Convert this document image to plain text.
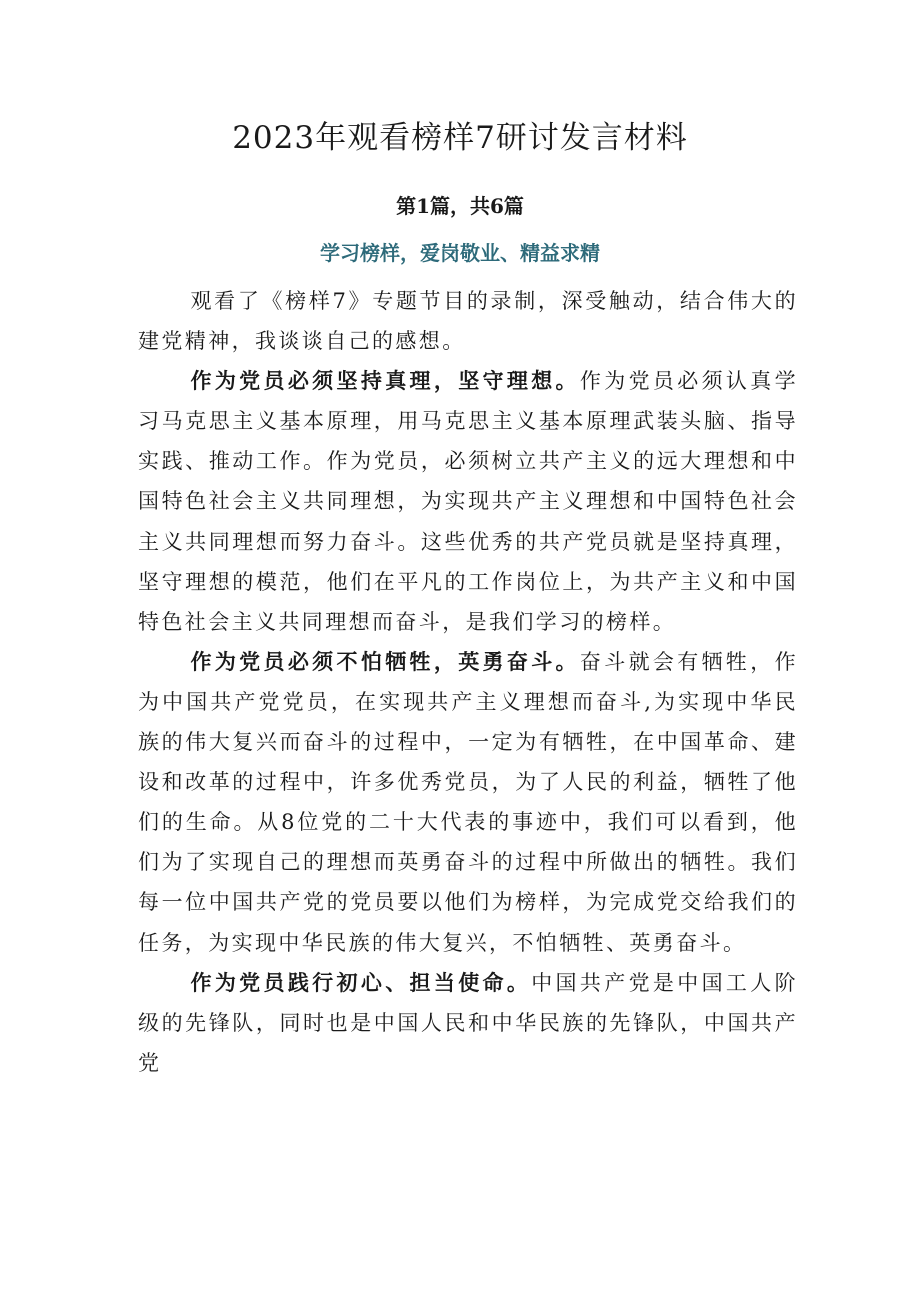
2023年观看榜样7研讨发言材料
第1篇，共6篇
学习榜样，爱岗敬业、精益求精

观看了《榜样7》专题节目的录制，深受触动，结合伟大的建党精神，我谈谈自己的感想。

作为党员必须坚持真理，坚守理想。作为党员必须认真学习马克思主义基本原理，用马克思主义基本原理武装头脑、指导实践、推动工作。作为党员，必须树立共产主义的远大理想和中国特色社会主义共同理想，为实现共产主义理想和中国特色社会主义共同理想而努力奋斗。这些优秀的共产党员就是坚持真理，坚守理想的模范，他们在平凡的工作岗位上，为共产主义和中国特色社会主义共同理想而奋斗，是我们学习的榜样。

作为党员必须不怕牺牲，英勇奋斗。奋斗就会有牺牲，作为中国共产党党员，在实现共产主义理想而奋斗,为实现中华民族的伟大复兴而奋斗的过程中，一定为有牺牲，在中国革命、建设和改革的过程中，许多优秀党员，为了人民的利益，牺牲了他们的生命。从8位党的二十大代表的事迹中，我们可以看到，他们为了实现自己的理想而英勇奋斗的过程中所做出的牺牲。我们每一位中国共产党的党员要以他们为榜样，为完成党交给我们的任务，为实现中华民族的伟大复兴，不怕牺牲、英勇奋斗。

作为党员践行初心、担当使命。中国共产党是中国工人阶级的先锋队，同时也是中国人民和中华民族的先锋队，中国共产党
